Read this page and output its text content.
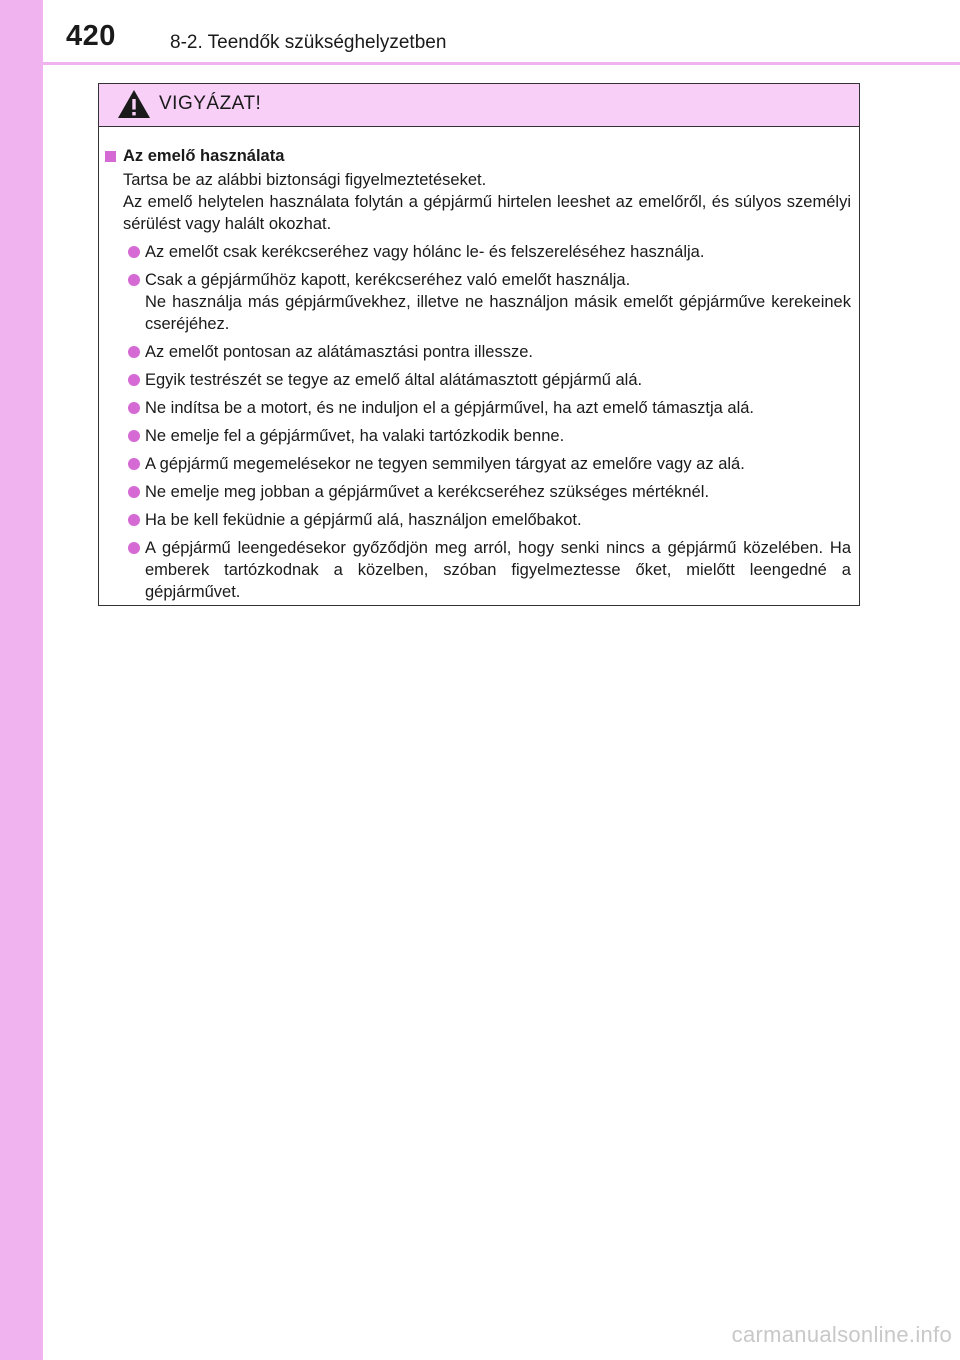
420	8-2. Teendők szükséghelyzetben
VIGYÁZAT!
Az emelő használata
Tartsa be az alábbi biztonsági figyelmeztetéseket.
Az emelő helytelen használata folytán a gépjármű hirtelen leeshet az emelőről, és súlyos személyi sérülést vagy halált okozhat.
Az emelőt csak kerékcseréhez vagy hólánc le- és felszereléséhez használja.
Csak a gépjárműhöz kapott, kerékcseréhez való emelőt használja.
Ne használja más gépjárművekhez, illetve ne használjon másik emelőt gépjárműve kerekeinek cseréjéhez.
Az emelőt pontosan az alátámasztási pontra illessze.
Egyik testrészét se tegye az emelő által alátámasztott gépjármű alá.
Ne indítsa be a motort, és ne induljon el a gépjárművel, ha azt emelő támasztja alá.
Ne emelje fel a gépjárművet, ha valaki tartózkodik benne.
A gépjármű megemelésekor ne tegyen semmilyen tárgyat az emelőre vagy az alá.
Ne emelje meg jobban a gépjárművet a kerékcseréhez szükséges mértéknél.
Ha be kell feküdnie a gépjármű alá, használjon emelőbakot.
A gépjármű leengedésekor győződjön meg arról, hogy senki nincs a gépjármű közelében. Ha emberek tartózkodnak a közelben, szóban figyelmeztesse őket, mielőtt leengedné a gépjárművet.
carmanualsonline.info
